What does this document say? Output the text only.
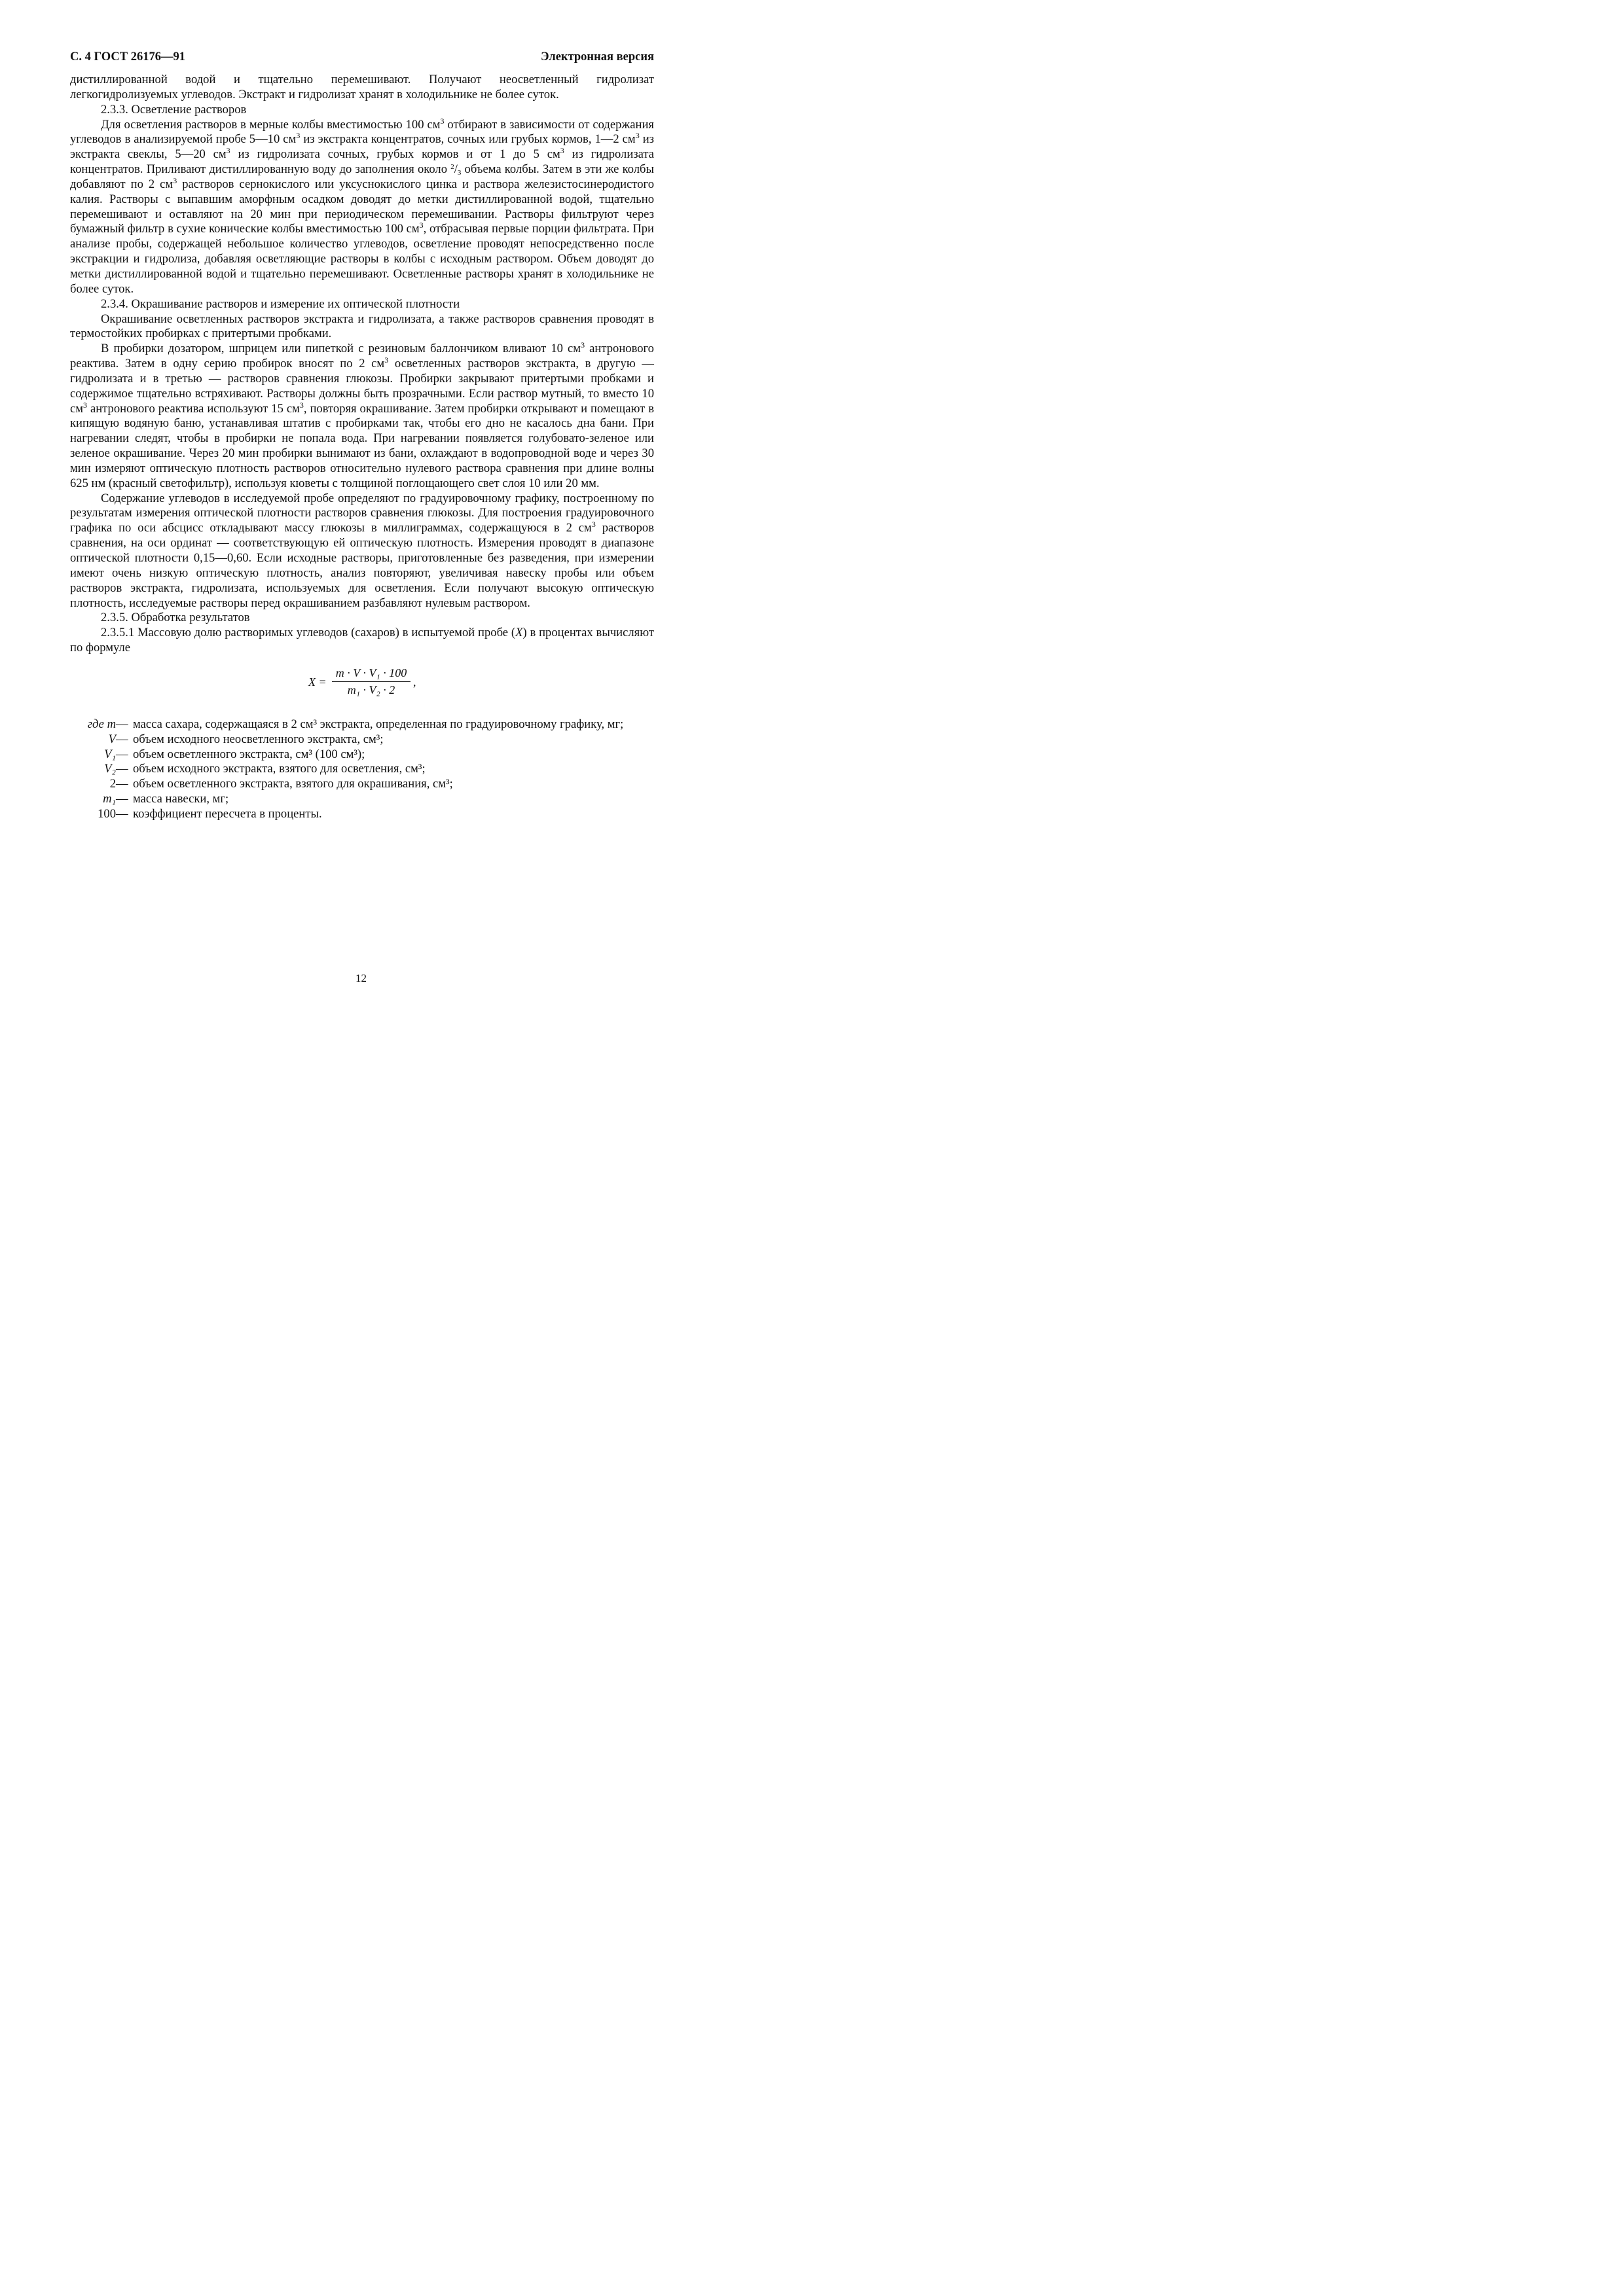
С. 4 ГОСТ 26176—91	Электронная версия

дистиллированной водой и тщательно перемешивают. Получают неосветленный гидролизат легкогидролизуемых углеводов. Экстракт и гидролизат хранят в холодильнике не более суток.

2.3.3. Осветление растворов

Для осветления растворов в мерные колбы вместимостью 100 $см^3$ отбирают в зависимости от содержания углеводов в анализируемой пробе 5—10 $см^3$ из экстракта концентратов, сочных или грубых кормов, 1—2 $см^3$ из экстракта свеклы, 5—20 $см^3$ из гидролизата сочных, грубых кормов и от 1 до 5 $см^3$ из гидролизата концентратов. Приливают дистиллированную воду до заполнения около $^2$/3 объема колбы. Затем в эти же колбы добавляют по 2 $см^3$ растворов сернокислого или уксуснокислого цинка и раствора железистосинеродистого калия. Растворы с выпавшим аморфным осадком доводят до метки дистиллированной водой, тщательно перемешивают и оставляют на 20 мин при периодическом перемешивании. Растворы фильтруют через бумажный фильтр в сухие конические колбы вместимостью 100 $см^3$, отбрасывая первые порции фильтрата. При анализе пробы, содержащей небольшое количество углеводов, осветление проводят непосредственно после экстракции и гидролиза, добавляя осветляющие растворы в колбы с исходным раствором. Объем доводят до метки дистиллированной водой и тщательно перемешивают. Осветленные растворы хранят в холодильнике не более суток.

2.3.4. Окрашивание растворов и измерение их оптической плотности

Окрашивание осветленных растворов экстракта и гидролизата, а также растворов сравнения проводят в термостойких пробирках с притертыми пробками.

В пробирки дозатором, шприцем или пипеткой с резиновым баллончиком вливают 10 $см^3$ антронового реактива. Затем в одну серию пробирок вносят по 2 $см^3$ осветленных растворов экстракта, в другую — гидролизата и в третью — растворов сравнения глюкозы. Пробирки закрывают притертыми пробками и содержимое тщательно встряхивают. Растворы должны быть прозрачными. Если раствор мутный, то вместо 10 $см^3$ антронового реактива используют 15 $см^3$, повторяя окрашивание. Затем пробирки открывают и помещают в кипящую водяную баню, устанавливая штатив с пробирками так, чтобы его дно не касалось дна бани. При нагревании следят, чтобы в пробирки не попала вода. При нагревании появляется голубовато-зеленое или зеленое окрашивание. Через 20 мин пробирки вынимают из бани, охлаждают в водопроводной воде и через 30 мин измеряют оптическую плотность растворов относительно нулевого раствора сравнения при длине волны 625 нм (красный светофильтр), используя кюветы с толщиной поглощающего свет слоя 10 или 20 мм.

Содержание углеводов в исследуемой пробе определяют по градуировочному графику, построенному по результатам измерения оптической плотности растворов сравнения глюкозы. Для построения градуировочного графика по оси абсцисс откладывают массу глюкозы в миллиграммах, содержащуюся в 2 $см^3$ растворов сравнения, на оси ординат — соответствующую ей оптическую плотность. Измерения проводят в диапазоне оптической плотности 0,15—0,60. Если исходные растворы, приготовленные без разведения, при измерении имеют очень низкую оптическую плотность, анализ повторяют, увеличивая навеску пробы или объем растворов экстракта, гидролизата, используемых для осветления. Если получают высокую оптическую плотность, исследуемые растворы перед окрашиванием разбавляют нулевым раствором.

2.3.5. Обработка результатов

2.3.5.1 Массовую долю растворимых углеводов (сахаров) в испытуемой пробе (X) в процентах вычисляют по формуле

X =
m · V · V₁ · 100
m₁ · V₂ · 2
,
где m — масса сахара, содержащаяся в 2 см³ экстракта, определенная по градуировочному графику, мг;
V — объем исходного неосветленного экстракта, см³;
V₁ — объем осветленного экстракта, см³ (100 см³);
V₂ — объем исходного экстракта, взятого для осветления, см³;
2 — объем осветленного экстракта, взятого для окрашивания, см³;
m₁ — масса навески, мг;
100 — коэффициент пересчета в проценты.
12
